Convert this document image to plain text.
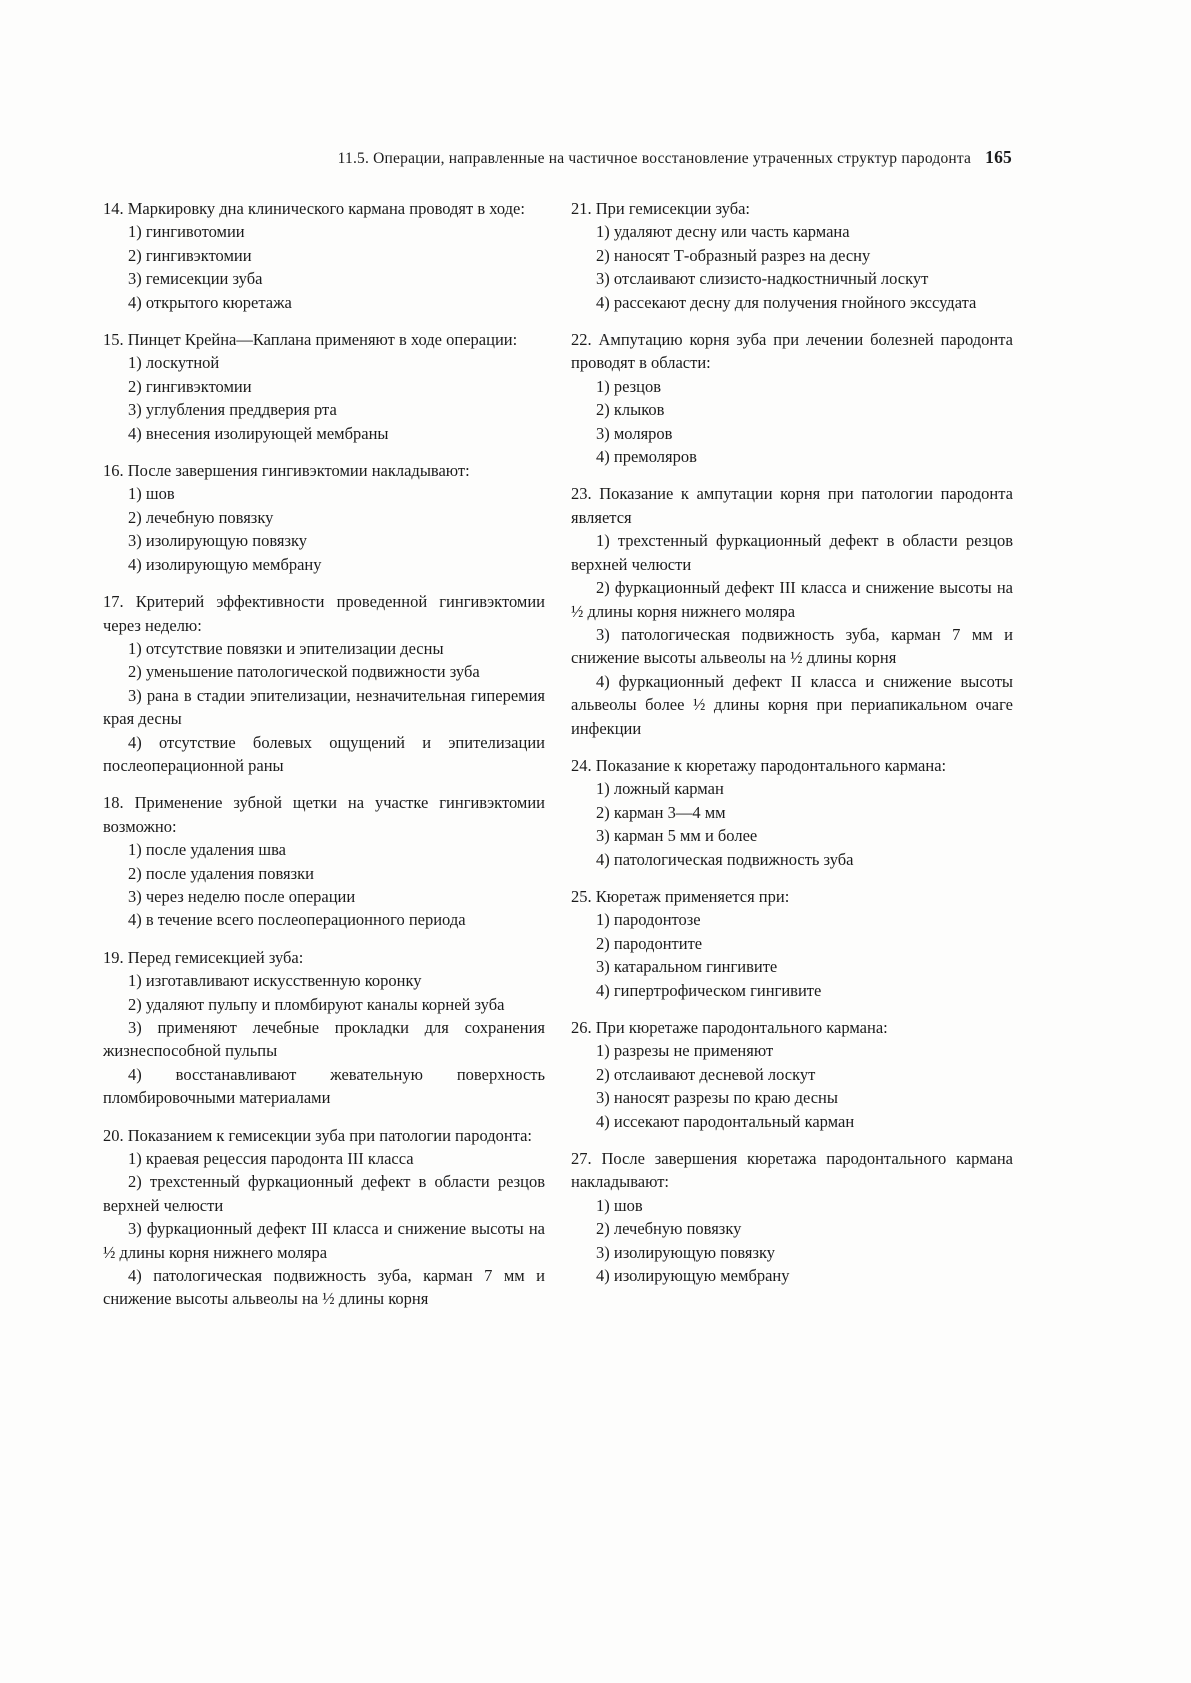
11.5. Операции, направленные на частичное восстановление утраченных структур пародонта 165

14. Маркировку дна клинического кармана проводят в ходе:

1) гингивотомии

2) гингивэктомии

3) гемисекции зуба

4) открытого кюретажа

15. Пинцет Крейна—Каплана применяют в ходе операции:

1) лоскутной

2) гингивэктомии

3) углубления преддверия рта

4) внесения изолирующей мембраны

16. После завершения гингивэктомии накладывают:

1) шов

2) лечебную повязку

3) изолирующую повязку

4) изолирующую мембрану

17. Критерий эффективности проведенной гингивэктомии через неделю:

1) отсутствие повязки и эпителизации десны

2) уменьшение патологической подвижности зуба

3) рана в стадии эпителизации, незначительная гиперемия края десны

4) отсутствие болевых ощущений и эпителизации послеоперационной раны

18. Применение зубной щетки на участке гингивэктомии возможно:

1) после удаления шва

2) после удаления повязки

3) через неделю после операции

4) в течение всего послеоперационного периода

19. Перед гемисекцией зуба:

1) изготавливают искусственную коронку

2) удаляют пульпу и пломбируют каналы корней зуба

3) применяют лечебные прокладки для сохранения жизнеспособной пульпы

4) восстанавливают жевательную поверхность пломбировочными материалами

20. Показанием к гемисекции зуба при патологии пародонта:

1) краевая рецессия пародонта III класса

2) трехстенный фуркационный дефект в области резцов верхней челюсти

3) фуркационный дефект III класса и снижение высоты на ½ длины корня нижнего моляра

4) патологическая подвижность зуба, карман 7 мм и снижение высоты альвеолы на ½ длины корня

21. При гемисекции зуба:

1) удаляют десну или часть кармана

2) наносят Т-образный разрез на десну

3) отслаивают слизисто-надкостничный лоскут

4) рассекают десну для получения гнойного экссудата

22. Ампутацию корня зуба при лечении болезней пародонта проводят в области:

1) резцов

2) клыков

3) моляров

4) премоляров

23. Показание к ампутации корня при патологии пародонта является

1) трехстенный фуркационный дефект в области резцов верхней челюсти

2) фуркационный дефект III класса и снижение высоты на ½ длины корня нижнего моляра

3) патологическая подвижность зуба, карман 7 мм и снижение высоты альвеолы на ½ длины корня

4) фуркационный дефект II класса и снижение высоты альвеолы более ½ длины корня при периапикальном очаге инфекции

24. Показание к кюретажу пародонтального кармана:

1) ложный карман

2) карман 3—4 мм

3) карман 5 мм и более

4) патологическая подвижность зуба

25. Кюретаж применяется при:

1) пародонтозе

2) пародонтите

3) катаральном гингивите

4) гипертрофическом гингивите

26. При кюретаже пародонтального кармана:

1) разрезы не применяют

2) отслаивают десневой лоскут

3) наносят разрезы по краю десны

4) иссекают пародонтальный карман

27. После завершения кюретажа пародонтального кармана накладывают:

1) шов

2) лечебную повязку

3) изолирующую повязку

4) изолирующую мембрану
